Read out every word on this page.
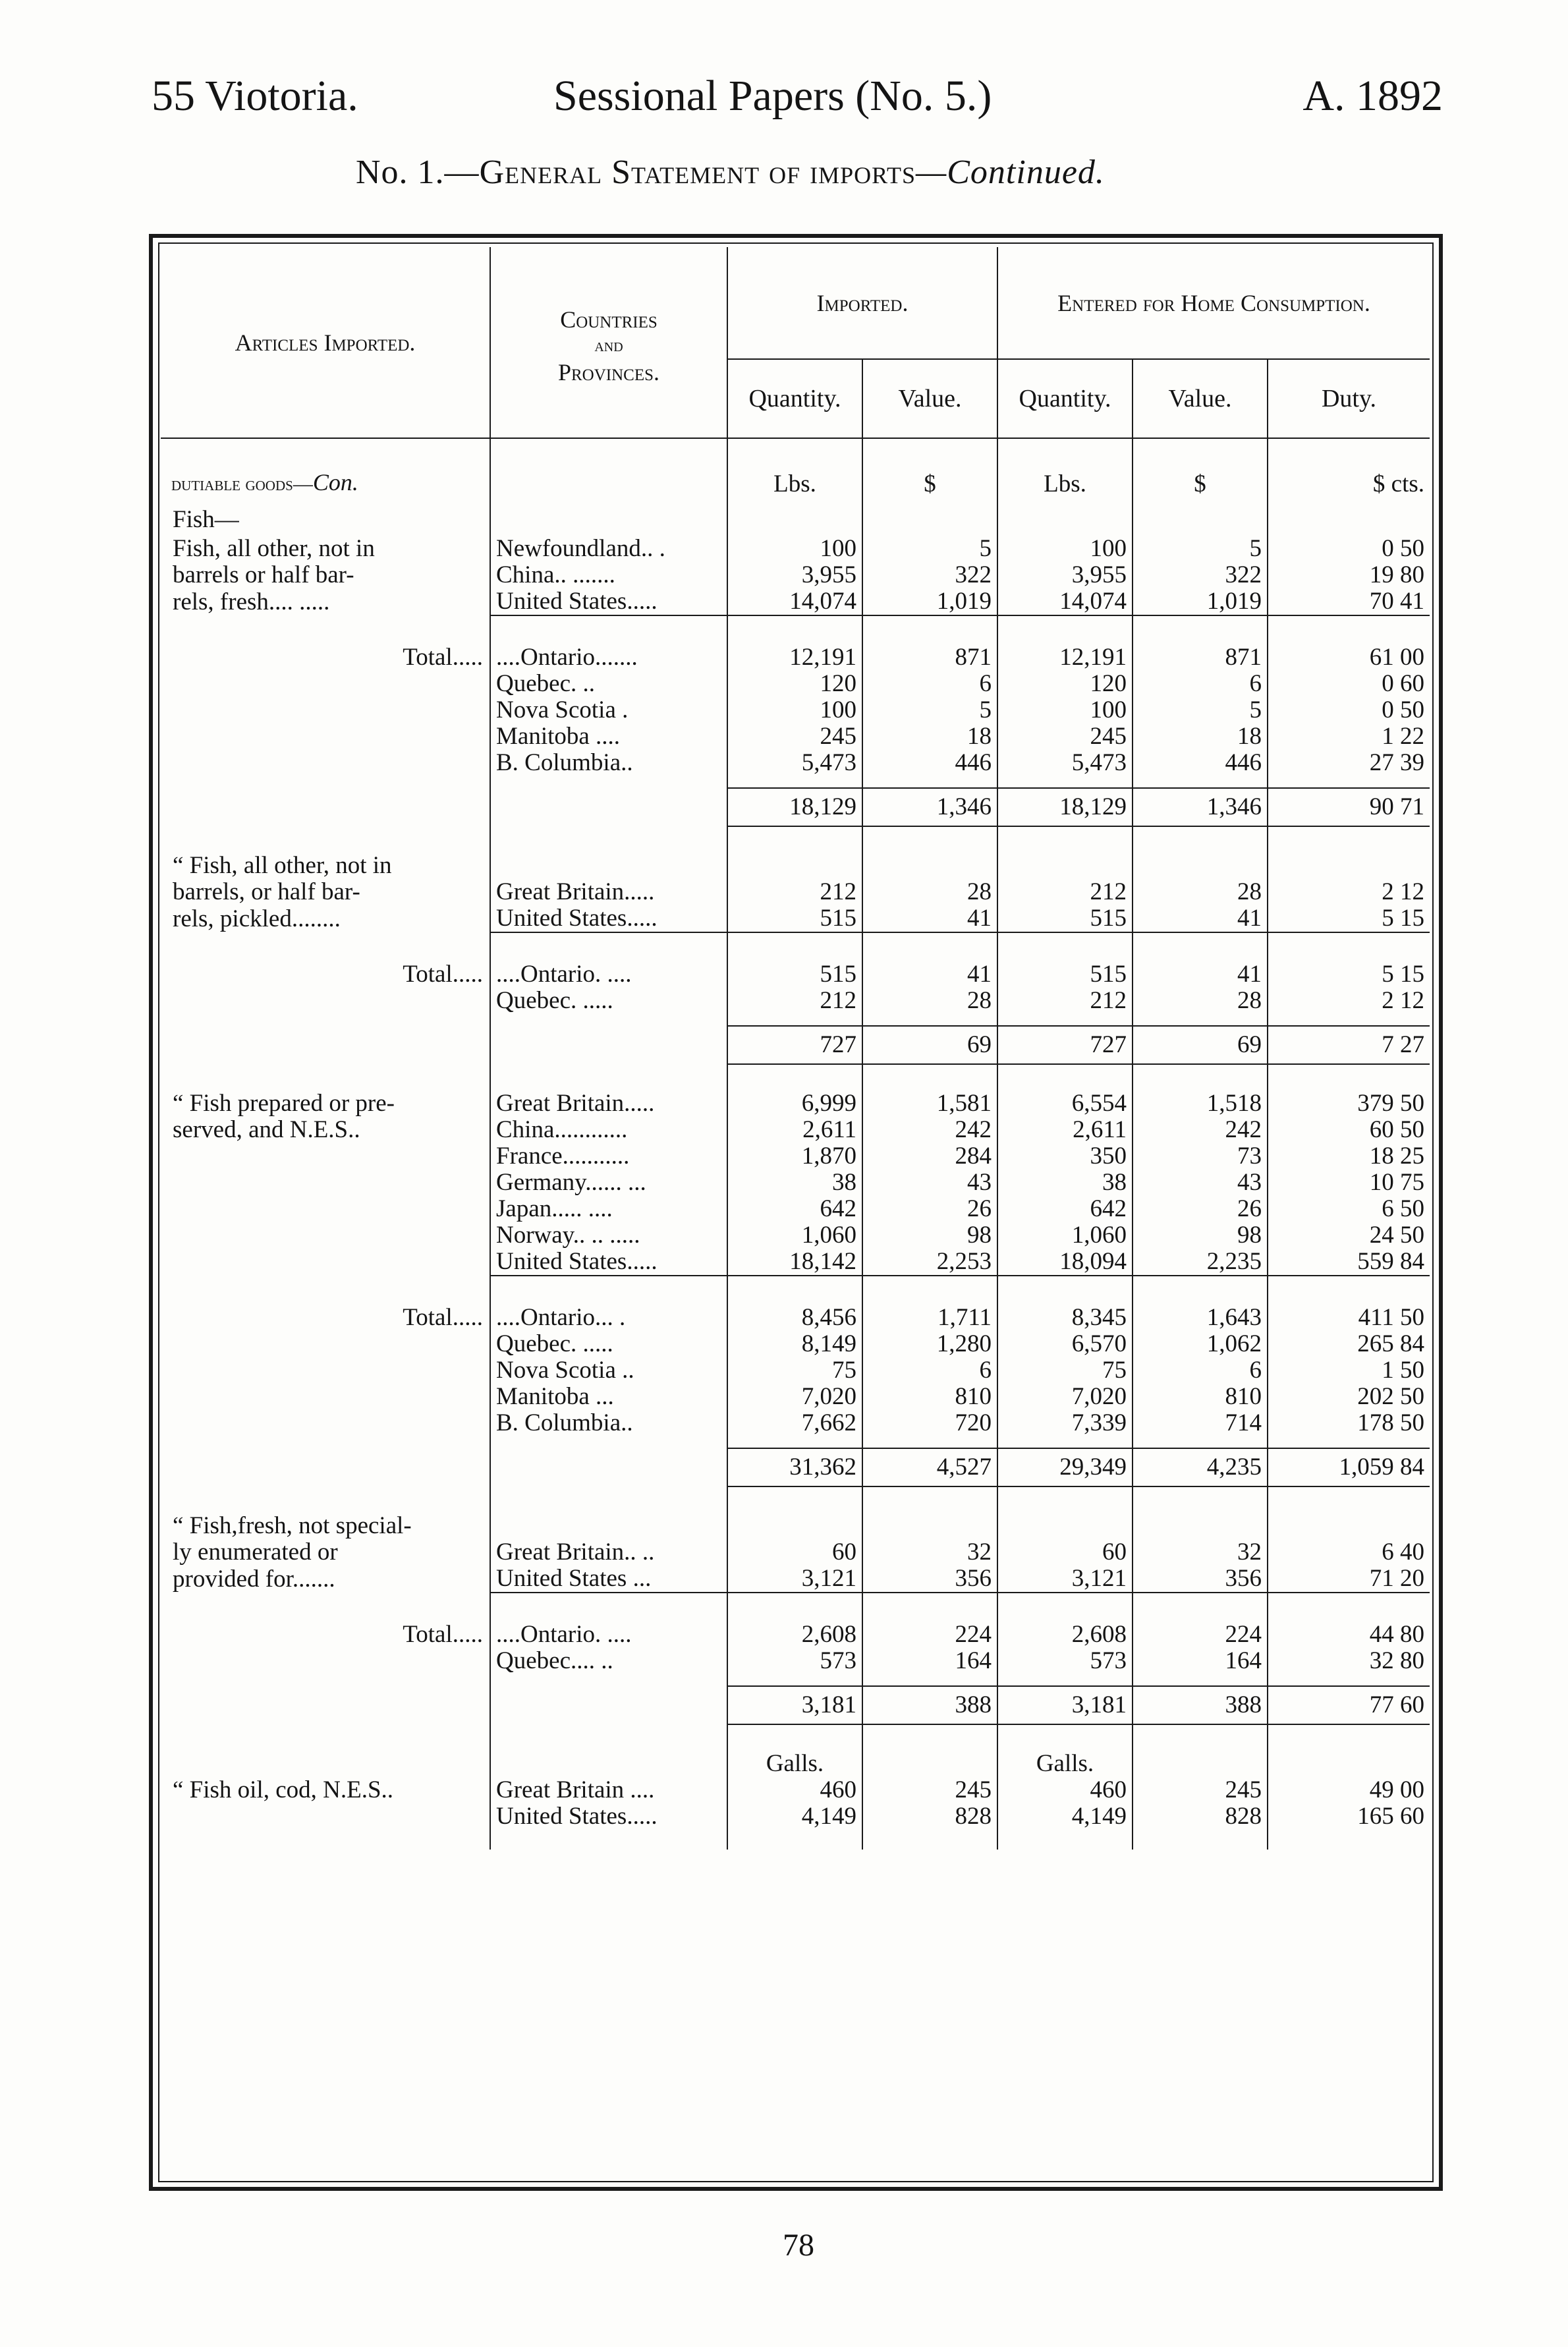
55 Viotoria.	Sessional Papers (No. 5.)	A. 1892
No. 1.—General Statement of imports—Continued.
Articles Imported.	Countries
and
Provinces.	Imported.		Entered for Home Consumption.		
		Quantity.	Value.	Quantity.	Value.	Duty.
dutiable goods—Con.		Lbs.	$	Lbs.	$	$ cts.
Fish—						

Fish, all other, not in	Newfoundland.. .	100	5	100	5	0 50
barrels or half bar-	China.. .......	3,955	322	3,955	322	19 80
rels, fresh.... .....	United States.....	14,074	1,019	14,074	1,019	70 41

Total.....	....Ontario.......	12,191	871	12,191	871	61 00
	Quebec. ..	120	6	120	6	0 60
	Nova Scotia .	100	5	100	5	0 50
	Manitoba ....	245	18	245	18	1 22
	B. Columbia..	5,473	446	5,473	446	27 39

		18,129	1,346	18,129	1,346	90 71

“ Fish, all other, not in						
barrels, or half bar-	Great Britain.....	212	28	212	28	2 12
rels, pickled........	United States.....	515	41	515	41	5 15

Total.....	....Ontario. ....	515	41	515	41	5 15
	Quebec. .....	212	28	212	28	2 12

		727	69	727	69	7 27

“ Fish prepared or pre-	Great Britain.....	6,999	1,581	6,554	1,518	379 50
served, and N.E.S..	China............	2,611	242	2,611	242	60 50
	France...........	1,870	284	350	73	18 25
	Germany...... ...	38	43	38	43	10 75
	Japan..... ....	642	26	642	26	6 50
	Norway.. .. .....	1,060	98	1,060	98	24 50
	United States.....	18,142	2,253	18,094	2,235	559 84

Total.....	....Ontario... .	8,456	1,711	8,345	1,643	411 50
	Quebec. .....	8,149	1,280	6,570	1,062	265 84
	Nova Scotia ..	75	6	75	6	1 50
	Manitoba ...	7,020	810	7,020	810	202 50
	B. Columbia..	7,662	720	7,339	714	178 50

		31,362	4,527	29,349	4,235	1,059 84

“ Fish,fresh, not special-						
ly enumerated or	Great Britain.. ..	60	32	60	32	6 40
provided for.......	United States ...	3,121	356	3,121	356	71 20

Total.....	....Ontario. ....	2,608	224	2,608	224	44 80
	Quebec.... ..	573	164	573	164	32 80

		3,181	388	3,181	388	77 60

		Galls.		Galls.		
“ Fish oil, cod, N.E.S..	Great Britain ....	460	245	460	245	49 00
	United States.....	4,149	828	4,149	828	165 60

78
